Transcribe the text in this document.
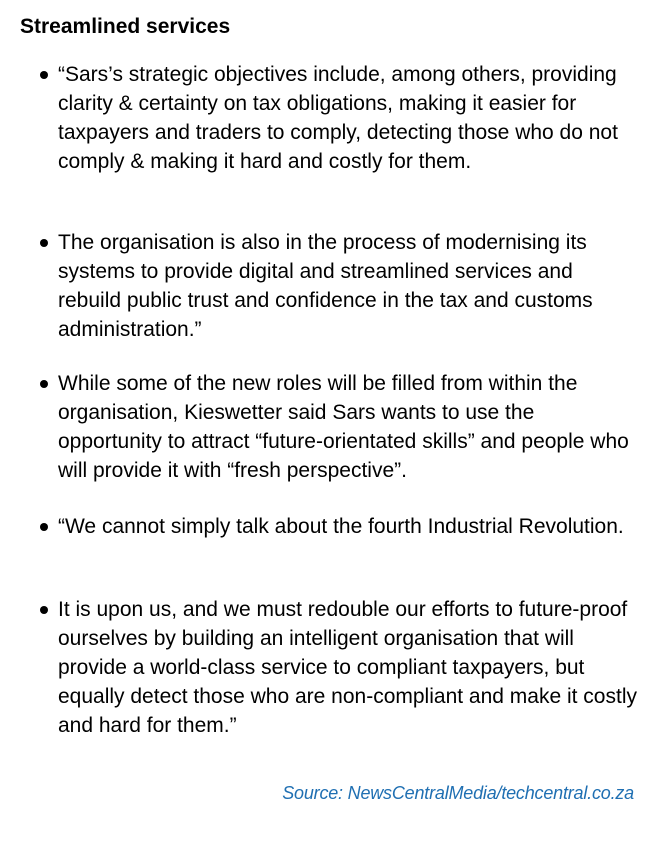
Streamlined services

“Sars’s strategic objectives include, among others, providing clarity & certainty on tax obligations, making it easier for taxpayers and traders to comply, detecting those who do not comply & making it hard and costly for them.

The organisation is also in the process of modernising its systems to provide digital and streamlined services and rebuild public trust and confidence in the tax and customs administration.”

While some of the new roles will be filled from within the organisation, Kieswetter said Sars wants to use the opportunity to attract “future-orientated skills” and people who will provide it with “fresh perspective”.

“We cannot simply talk about the fourth Industrial Revolution.

It is upon us, and we must redouble our efforts to future-proof ourselves by building an intelligent organisation that will provide a world-class service to compliant taxpayers, but equally detect those who are non-compliant and make it costly and hard for them.”

Source: NewsCentralMedia/techcentral.co.za
